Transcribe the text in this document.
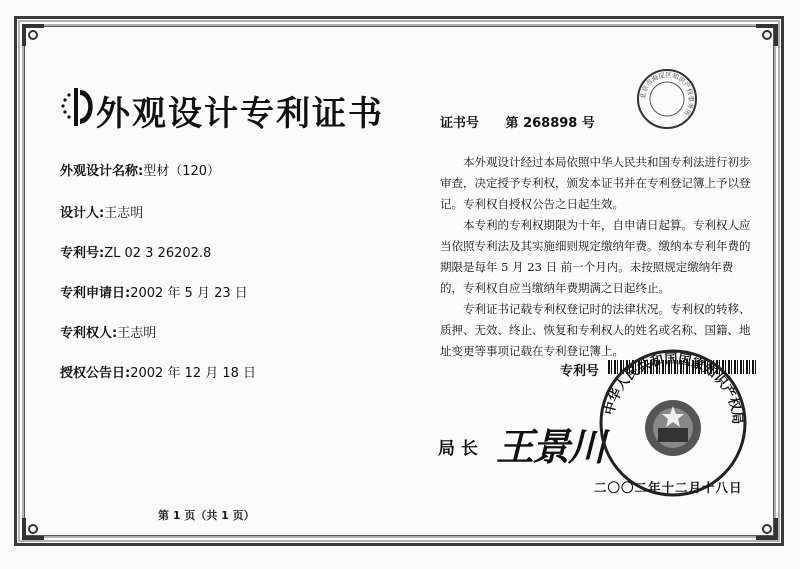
外观设计专利证书
外观设计名称:型材（120）
设计人:王志明
专利号:ZL 02 3 26202.8
专利申请日:2002 年 5 月 23 日
专利权人:王志明
授权公告日:2002 年 12 月 18 日
证书号 第 268898 号
北京市海淀区知识产权事务所

本外观设计经过本局依照中华人民共和国专利法进行初步审查，决定授予专利权，颁发本证书并在专利登记簿上予以登记。专利权自授权公告之日起生效。

本专利的专利权期限为十年，自申请日起算。专利权人应当依照专利法及其实施细则规定缴纳年费。缴纳本专利年费的期限是每年 5 月 23 日 前一个月内。未按照规定缴纳年费的，专利权自应当缴纳年费期满之日起终止。

专利证书记载专利权登记时的法律状况。专利权的转移、质押、无效、终止、恢复和专利权人的姓名或名称、国籍、地址变更等事项记载在专利登记簿上。

专利号
局 长 王景川
中华人民共和国国家知识产权局
二〇〇二年十二月十八日
第 1 页（共 1 页）
